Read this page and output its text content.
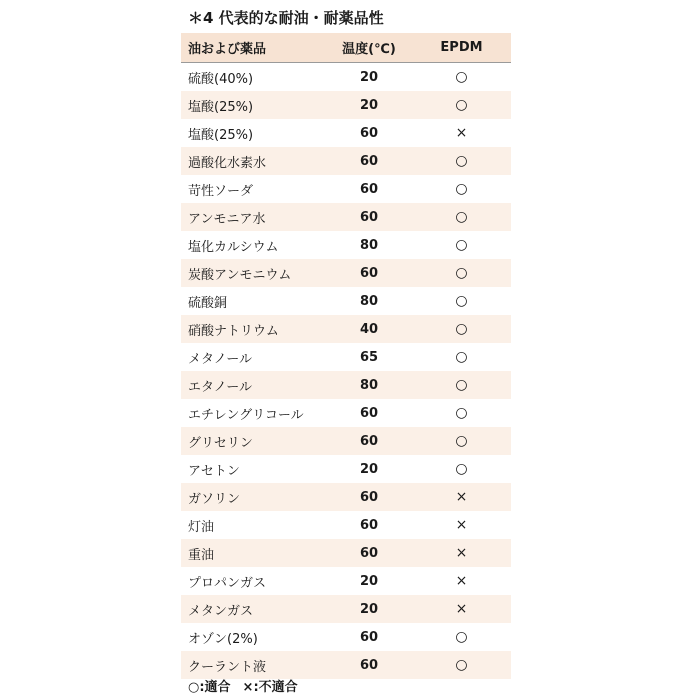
＊4 代表的な耐油・耐薬品性
油および薬品	温度(℃)	EPDM
硫酸(40%)	20	○
塩酸(25%)	20	○
塩酸(25%)	60	×
過酸化水素水	60	○
苛性ソーダ	60	○
アンモニア水	60	○
塩化カルシウム	80	○
炭酸アンモニウム	60	○
硫酸銅	80	○
硝酸ナトリウム	40	○
メタノール	65	○
エタノール	80	○
エチレングリコール	60	○
グリセリン	60	○
アセトン	20	○
ガソリン	60	×
灯油	60	×
重油	60	×
プロパンガス	20	×
メタンガス	20	×
オゾン(2%)	60	○
クーラント液	60	○
○:適合 ×:不適合
